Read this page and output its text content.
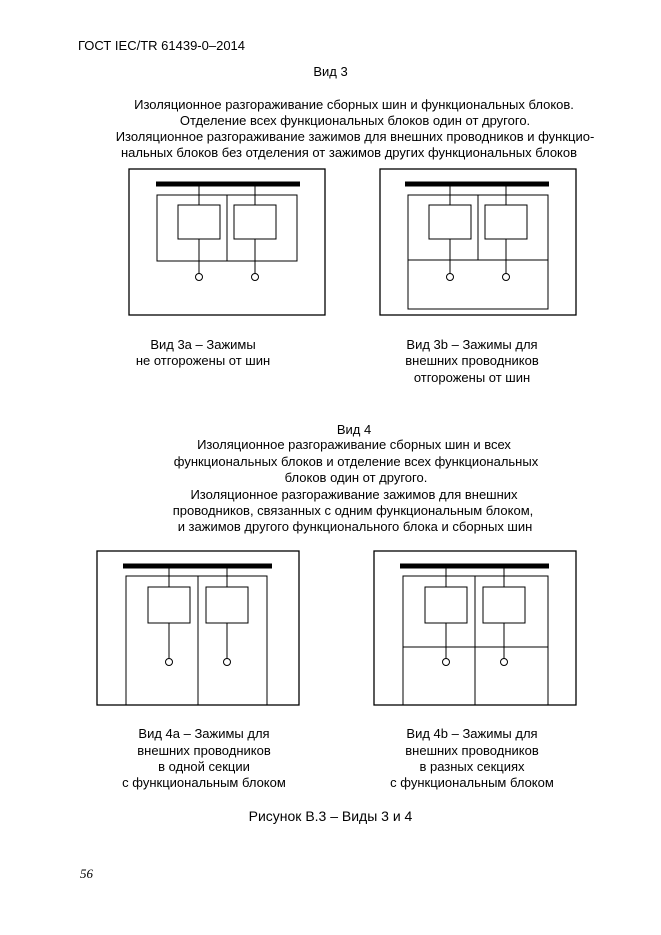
ГОСТ IEC/TR 61439-0–2014
Вид 3
Изоляционное разгораживание сборных шин и функциональных блоков.
Отделение всех функциональных блоков один от другого.
Изоляционное разгораживание зажимов для внешних проводников и функцио-
нальных блоков без отделения от зажимов других функциональных блоков
Вид 3a – Зажимы
не отгорожены от шин
Вид 3b – Зажимы для
внешних проводников
отгорожены от шин
Вид 4
Изоляционное разгораживание сборных шин и всех
функциональных блоков и отделение всех функциональных
блоков один от другого.
Изоляционное разгораживание зажимов для внешних
проводников, связанных с одним функциональным блоком,
и зажимов другого функционального блока и сборных шин
Вид 4a – Зажимы для
внешних проводников
в одной секции
с функциональным блоком
Вид 4b – Зажимы для
внешних проводников
в разных секциях
с функциональным блоком
Рисунок В.3 – Виды 3 и 4
56
